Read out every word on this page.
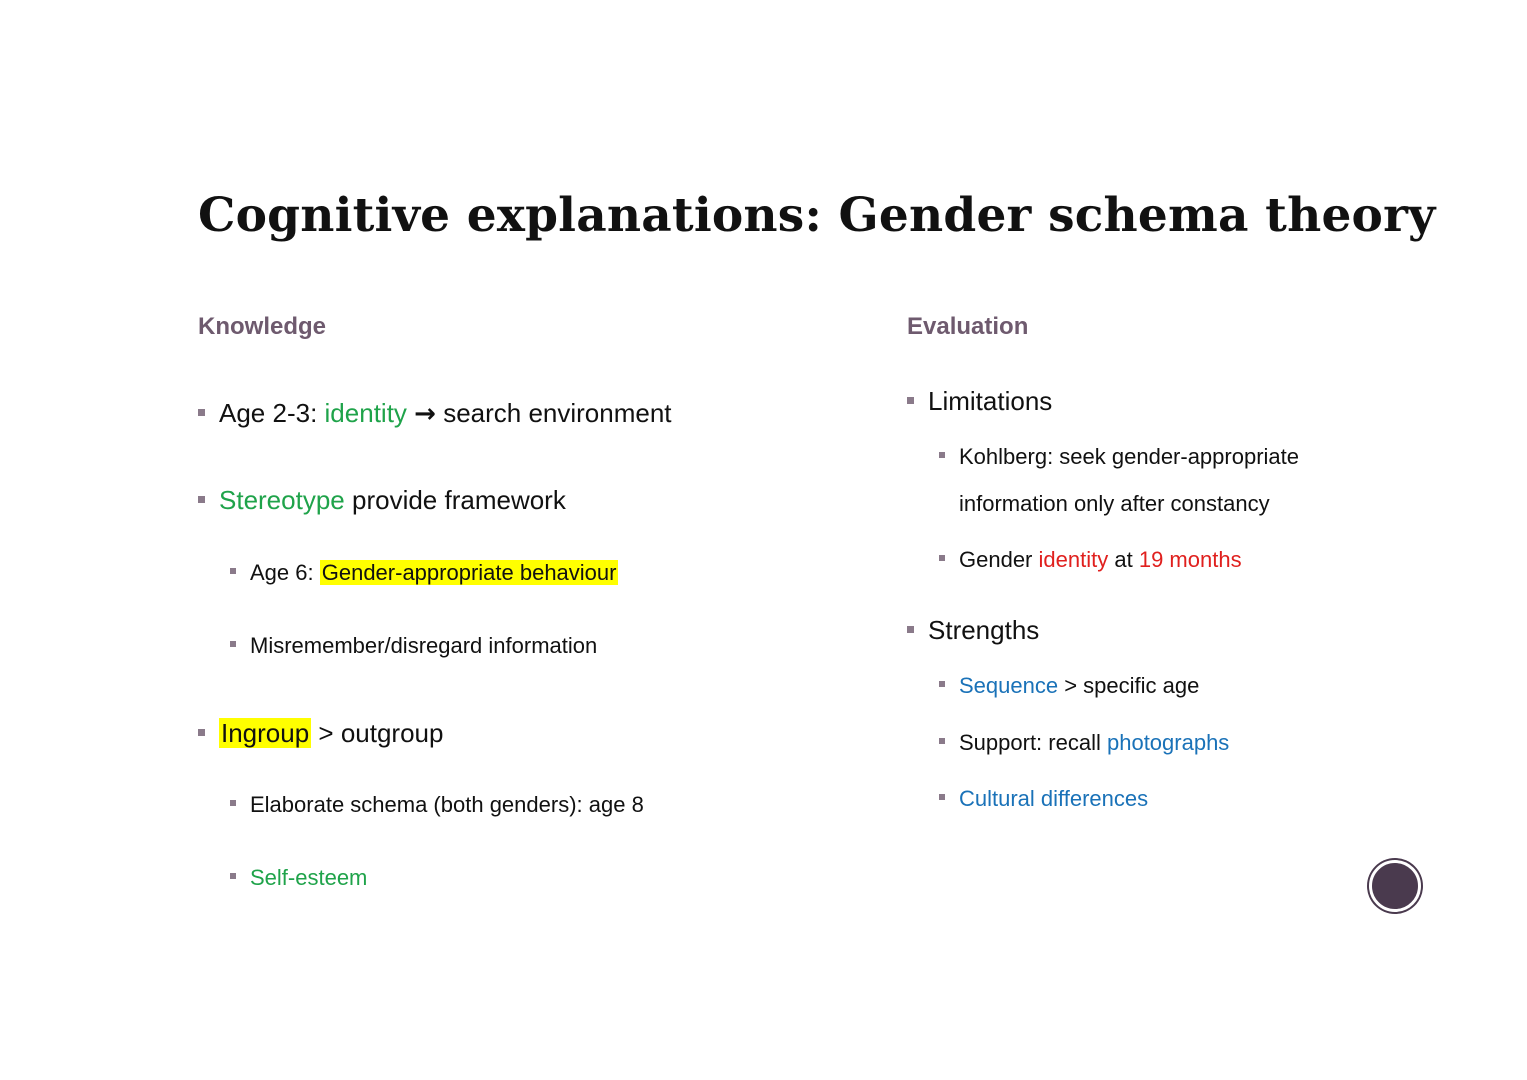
Cognitive explanations: Gender schema theory
Knowledge
Age 2-3: identity → search environment
Stereotype provide framework
Age 6: Gender-appropriate behaviour
Misremember/disregard information
Ingroup > outgroup
Elaborate schema (both genders): age 8
Self-esteem
Evaluation
Limitations
Kohlberg: seek gender-appropriate
information only after constancy
Gender identity at 19 months
Strengths
Sequence > specific age
Support: recall photographs
Cultural differences
